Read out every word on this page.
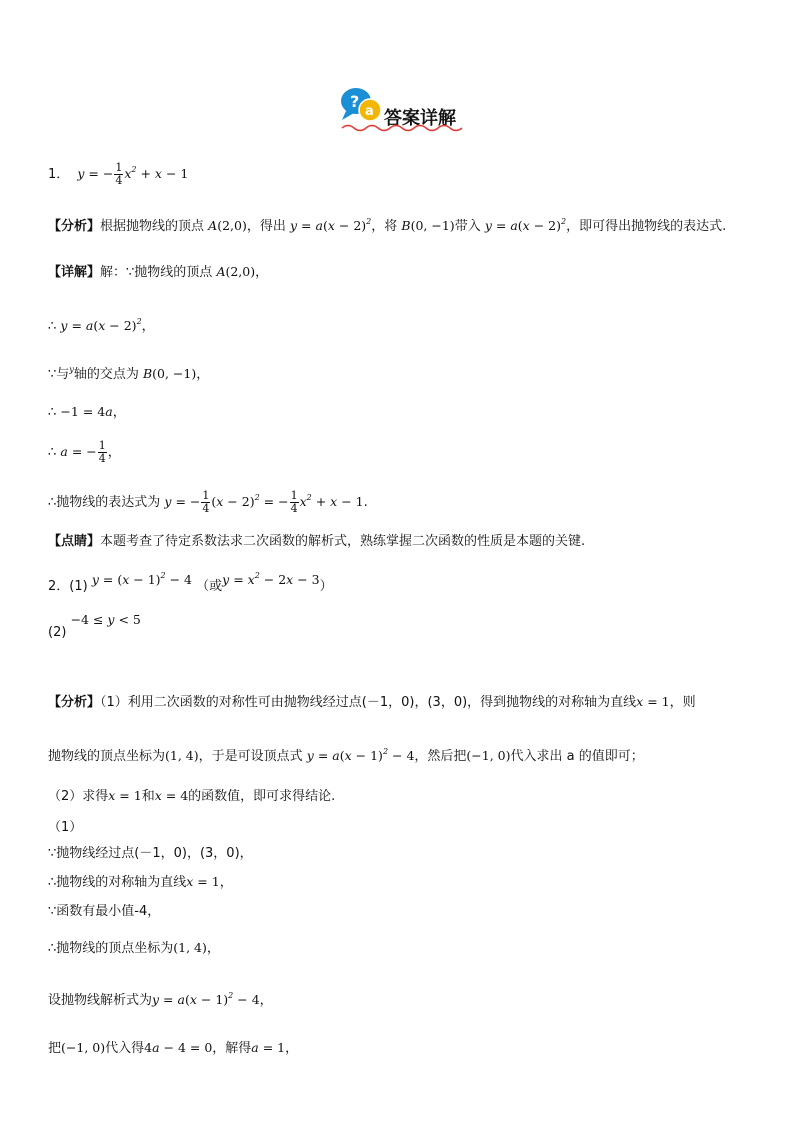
?
a 答案详解
1．  y = − $\frac{1}{4} x^2 + x - 1$
【分析】根据抛物线的顶点 A(2,0)，得出 $y = a(x - 2)^2$，将 B(0, −1)带入 $y = a(x - 2)^2$，即可得出抛物线的表达式.
【详解】解：∵抛物线的顶点 A(2,0)，
∴ $y = a(x - 2)^2$，
∵与$^y$轴的交点为 B(0, −1)，
∴ −1 = 4a，
∴ a = − $\frac{1}{4}$ ，
∴抛物线的表达式为 y = − $\frac{1}{4} (x - 2)^2$ = − $\frac{1}{4} x^2 + x - 1$.
【点睛】本题考查了待定系数法求二次函数的解析式，熟练掌握二次函数的性质是本题的关键.
2．(1) $y = (x - 1)^2 - 4$ （或$y = x^2 - 2x - 3$）
(2) −4 ≤ y < 5
【分析】（1）利用二次函数的对称性可由抛物线经过点(－1，0)，(3，0)，得到抛物线的对称轴为直线x = 1，则
抛物线的顶点坐标为(1, 4)，于是可设顶点式 $y = a(x - 1)^2 - 4$，然后把(−1, 0)代入求出 a 的值即可；
（2）求得x = 1和x = 4的函数值，即可求得结论.
（1）
∵抛物线经过点(－1，0)，(3，0)，
∴抛物线的对称轴为直线x = 1，
∵函数有最小值-4，
∴抛物线的顶点坐标为(1, 4)，
设抛物线解析式为$y = a(x - 1)^2 - 4$，
把(−1, 0)代入得4a − 4 = 0，解得a = 1，
